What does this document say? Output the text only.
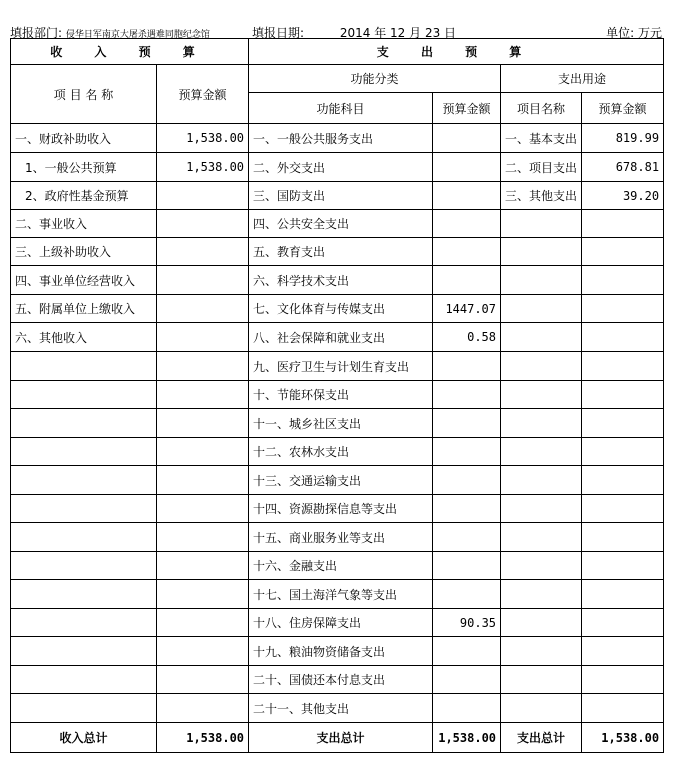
填报部门: 侵华日军南京大屠杀遇难同胞纪念馆	填报日期:	2014 年 12 月 23 日	单位: 万元
收 入 预 算		支 出 预 算			
项 目 名 称	预算金额	功能分类		支出用途	
		功能科目	预算金额	项目名称	预算金额
一、财政补助收入	1,538.00	一、一般公共服务支出		一、基本支出	819.99
1、一般公共预算	1,538.00	二、外交支出		二、项目支出	678.81
2、政府性基金预算		三、国防支出		三、其他支出	39.20
二、事业收入		四、公共安全支出			
三、上级补助收入		五、教育支出			
四、事业单位经营收入		六、科学技术支出			
五、附属单位上缴收入		七、文化体育与传媒支出	1447.07		
六、其他收入		八、社会保障和就业支出	0.58		
		九、医疗卫生与计划生育支出			
		十、节能环保支出			
		十一、城乡社区支出			
		十二、农林水支出			
		十三、交通运输支出			
		十四、资源勘探信息等支出			
		十五、商业服务业等支出			
		十六、金融支出			
		十七、国土海洋气象等支出			
		十八、住房保障支出	90.35		
		十九、粮油物资储备支出			
		二十、国债还本付息支出			
		二十一、其他支出			
收入总计	1,538.00	支出总计	1,538.00	支出总计	1,538.00
